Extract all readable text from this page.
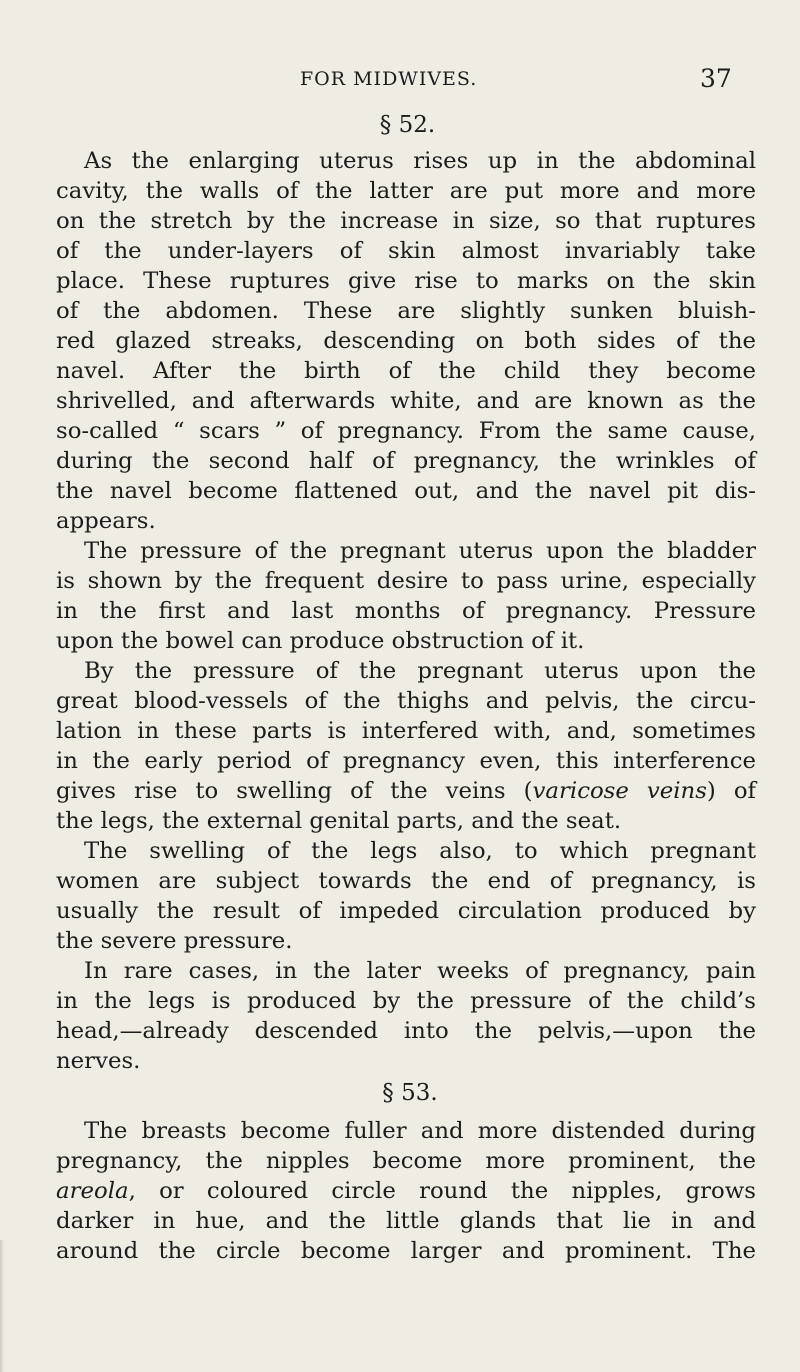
FOR MIDWIVES.	37
§ 52.
As the enlarging uterus rises up in the abdominal
cavity, the walls of the latter are put more and more
on the stretch by the increase in size, so that ruptures
of the under-layers of skin almost invariably take
place. These ruptures give rise to marks on the skin
of the abdomen. These are slightly sunken bluish-
red glazed streaks, descending on both sides of the
navel. After the birth of the child they become
shrivelled, and afterwards white, and are known as the
so-called “ scars ” of pregnancy. From the same cause,
during the second half of pregnancy, the wrinkles of
the navel become flattened out, and the navel pit dis-
appears.
The pressure of the pregnant uterus upon the bladder
is shown by the frequent desire to pass urine, especially
in the first and last months of pregnancy. Pressure
upon the bowel can produce obstruction of it.
By the pressure of the pregnant uterus upon the
great blood-vessels of the thighs and pelvis, the circu-
lation in these parts is interfered with, and, sometimes
in the early period of pregnancy even, this interference
gives rise to swelling of the veins (varicose veins) of
the legs, the external genital parts, and the seat.
The swelling of the legs also, to which pregnant
women are subject towards the end of pregnancy, is
usually the result of impeded circulation produced by
the severe pressure.
In rare cases, in the later weeks of pregnancy, pain
in the legs is produced by the pressure of the child’s
head,—already descended into the pelvis,—upon the
nerves.
§ 53.
The breasts become fuller and more distended during
pregnancy, the nipples become more prominent, the
areola, or coloured circle round the nipples, grows
darker in hue, and the little glands that lie in and
around the circle become larger and prominent. The
